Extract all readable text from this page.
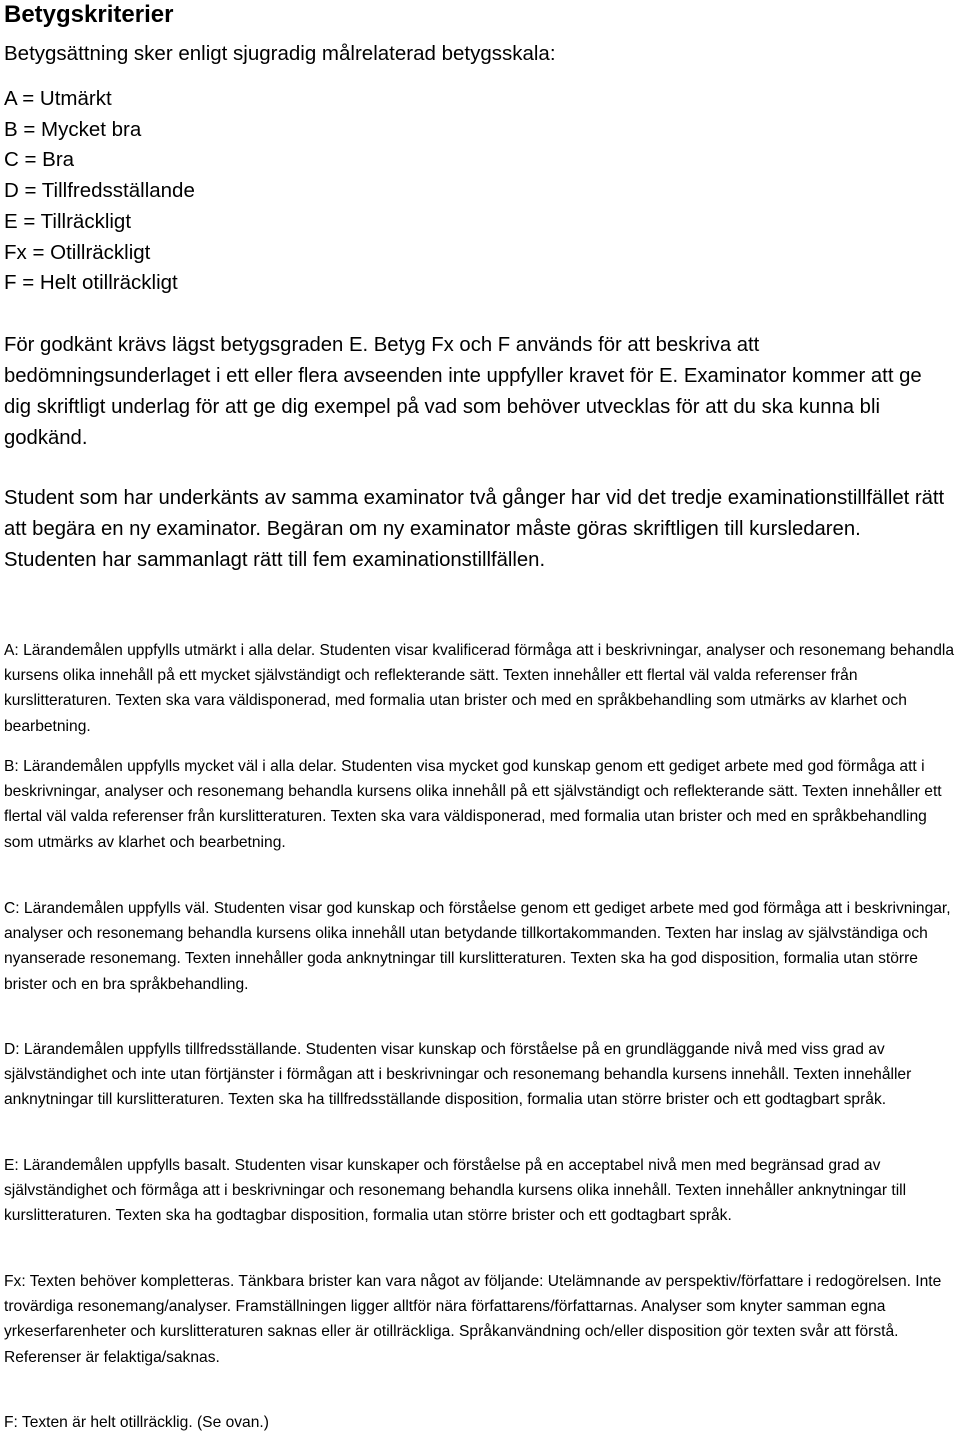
Betygskriterier
Betygsättning sker enligt sjugradig målrelaterad betygsskala:
A = Utmärkt
B = Mycket bra
C = Bra
D = Tillfredsställande
E = Tillräckligt
Fx = Otillräckligt
F = Helt otillräckligt

För godkänt krävs lägst betygsgraden E. Betyg Fx och F används för att beskriva att bedömningsunderlaget i ett eller flera avseenden inte uppfyller kravet för E. Examinator kommer att ge dig skriftligt underlag för att ge dig exempel på vad som behöver utvecklas för att du ska kunna bli godkänd.

Student som har underkänts av samma examinator två gånger har vid det tredje examinationstillfället rätt att begära en ny examinator. Begäran om ny examinator måste göras skriftligen till kursledaren. Studenten har sammanlagt rätt till fem examinationstillfällen.

A: Lärandemålen uppfylls utmärkt i alla delar. Studenten visar kvalificerad förmåga att i beskrivningar, analyser och resonemang behandla kursens olika innehåll på ett mycket självständigt och reflekterande sätt. Texten innehåller ett flertal väl valda referenser från kurslitteraturen. Texten ska vara väldisponerad, med formalia utan brister och med en språkbehandling som utmärks av klarhet och bearbetning.

B: Lärandemålen uppfylls mycket väl i alla delar. Studenten visa mycket god kunskap genom ett gediget arbete med god förmåga att i beskrivningar, analyser och resonemang behandla kursens olika innehåll på ett självständigt och reflekterande sätt. Texten innehåller ett flertal väl valda referenser från kurslitteraturen. Texten ska vara väldisponerad, med formalia utan brister och med en språkbehandling som utmärks av klarhet och bearbetning.

C: Lärandemålen uppfylls väl. Studenten visar god kunskap och förståelse genom ett gediget arbete med god förmåga att i beskrivningar, analyser och resonemang behandla kursens olika innehåll utan betydande tillkortakommanden. Texten har inslag av självständiga och nyanserade resonemang. Texten innehåller goda anknytningar till kurslitteraturen. Texten ska ha god disposition, formalia utan större brister och en bra språkbehandling.

D: Lärandemålen uppfylls tillfredsställande. Studenten visar kunskap och förståelse på en grundläggande nivå med viss grad av självständighet och inte utan förtjänster i förmågan att i beskrivningar och resonemang behandla kursens innehåll. Texten innehåller anknytningar till kurslitteraturen. Texten ska ha tillfredsställande disposition, formalia utan större brister och ett godtagbart språk.

E: Lärandemålen uppfylls basalt. Studenten visar kunskaper och förståelse på en acceptabel nivå men med begränsad grad av självständighet och förmåga att i beskrivningar och resonemang behandla kursens olika innehåll. Texten innehåller anknytningar till kurslitteraturen. Texten ska ha godtagbar disposition, formalia utan större brister och ett godtagbart språk.

Fx: Texten behöver kompletteras. Tänkbara brister kan vara något av följande: Utelämnande av perspektiv/författare i redogörelsen. Inte trovärdiga resonemang/analyser. Framställningen ligger alltför nära författarens/författarnas. Analyser som knyter samman egna yrkeserfarenheter och kurslitteraturen saknas eller är otillräckliga. Språkanvändning och/eller disposition gör texten svår att förstå. Referenser är felaktiga/saknas.

F: Texten är helt otillräcklig. (Se ovan.)
